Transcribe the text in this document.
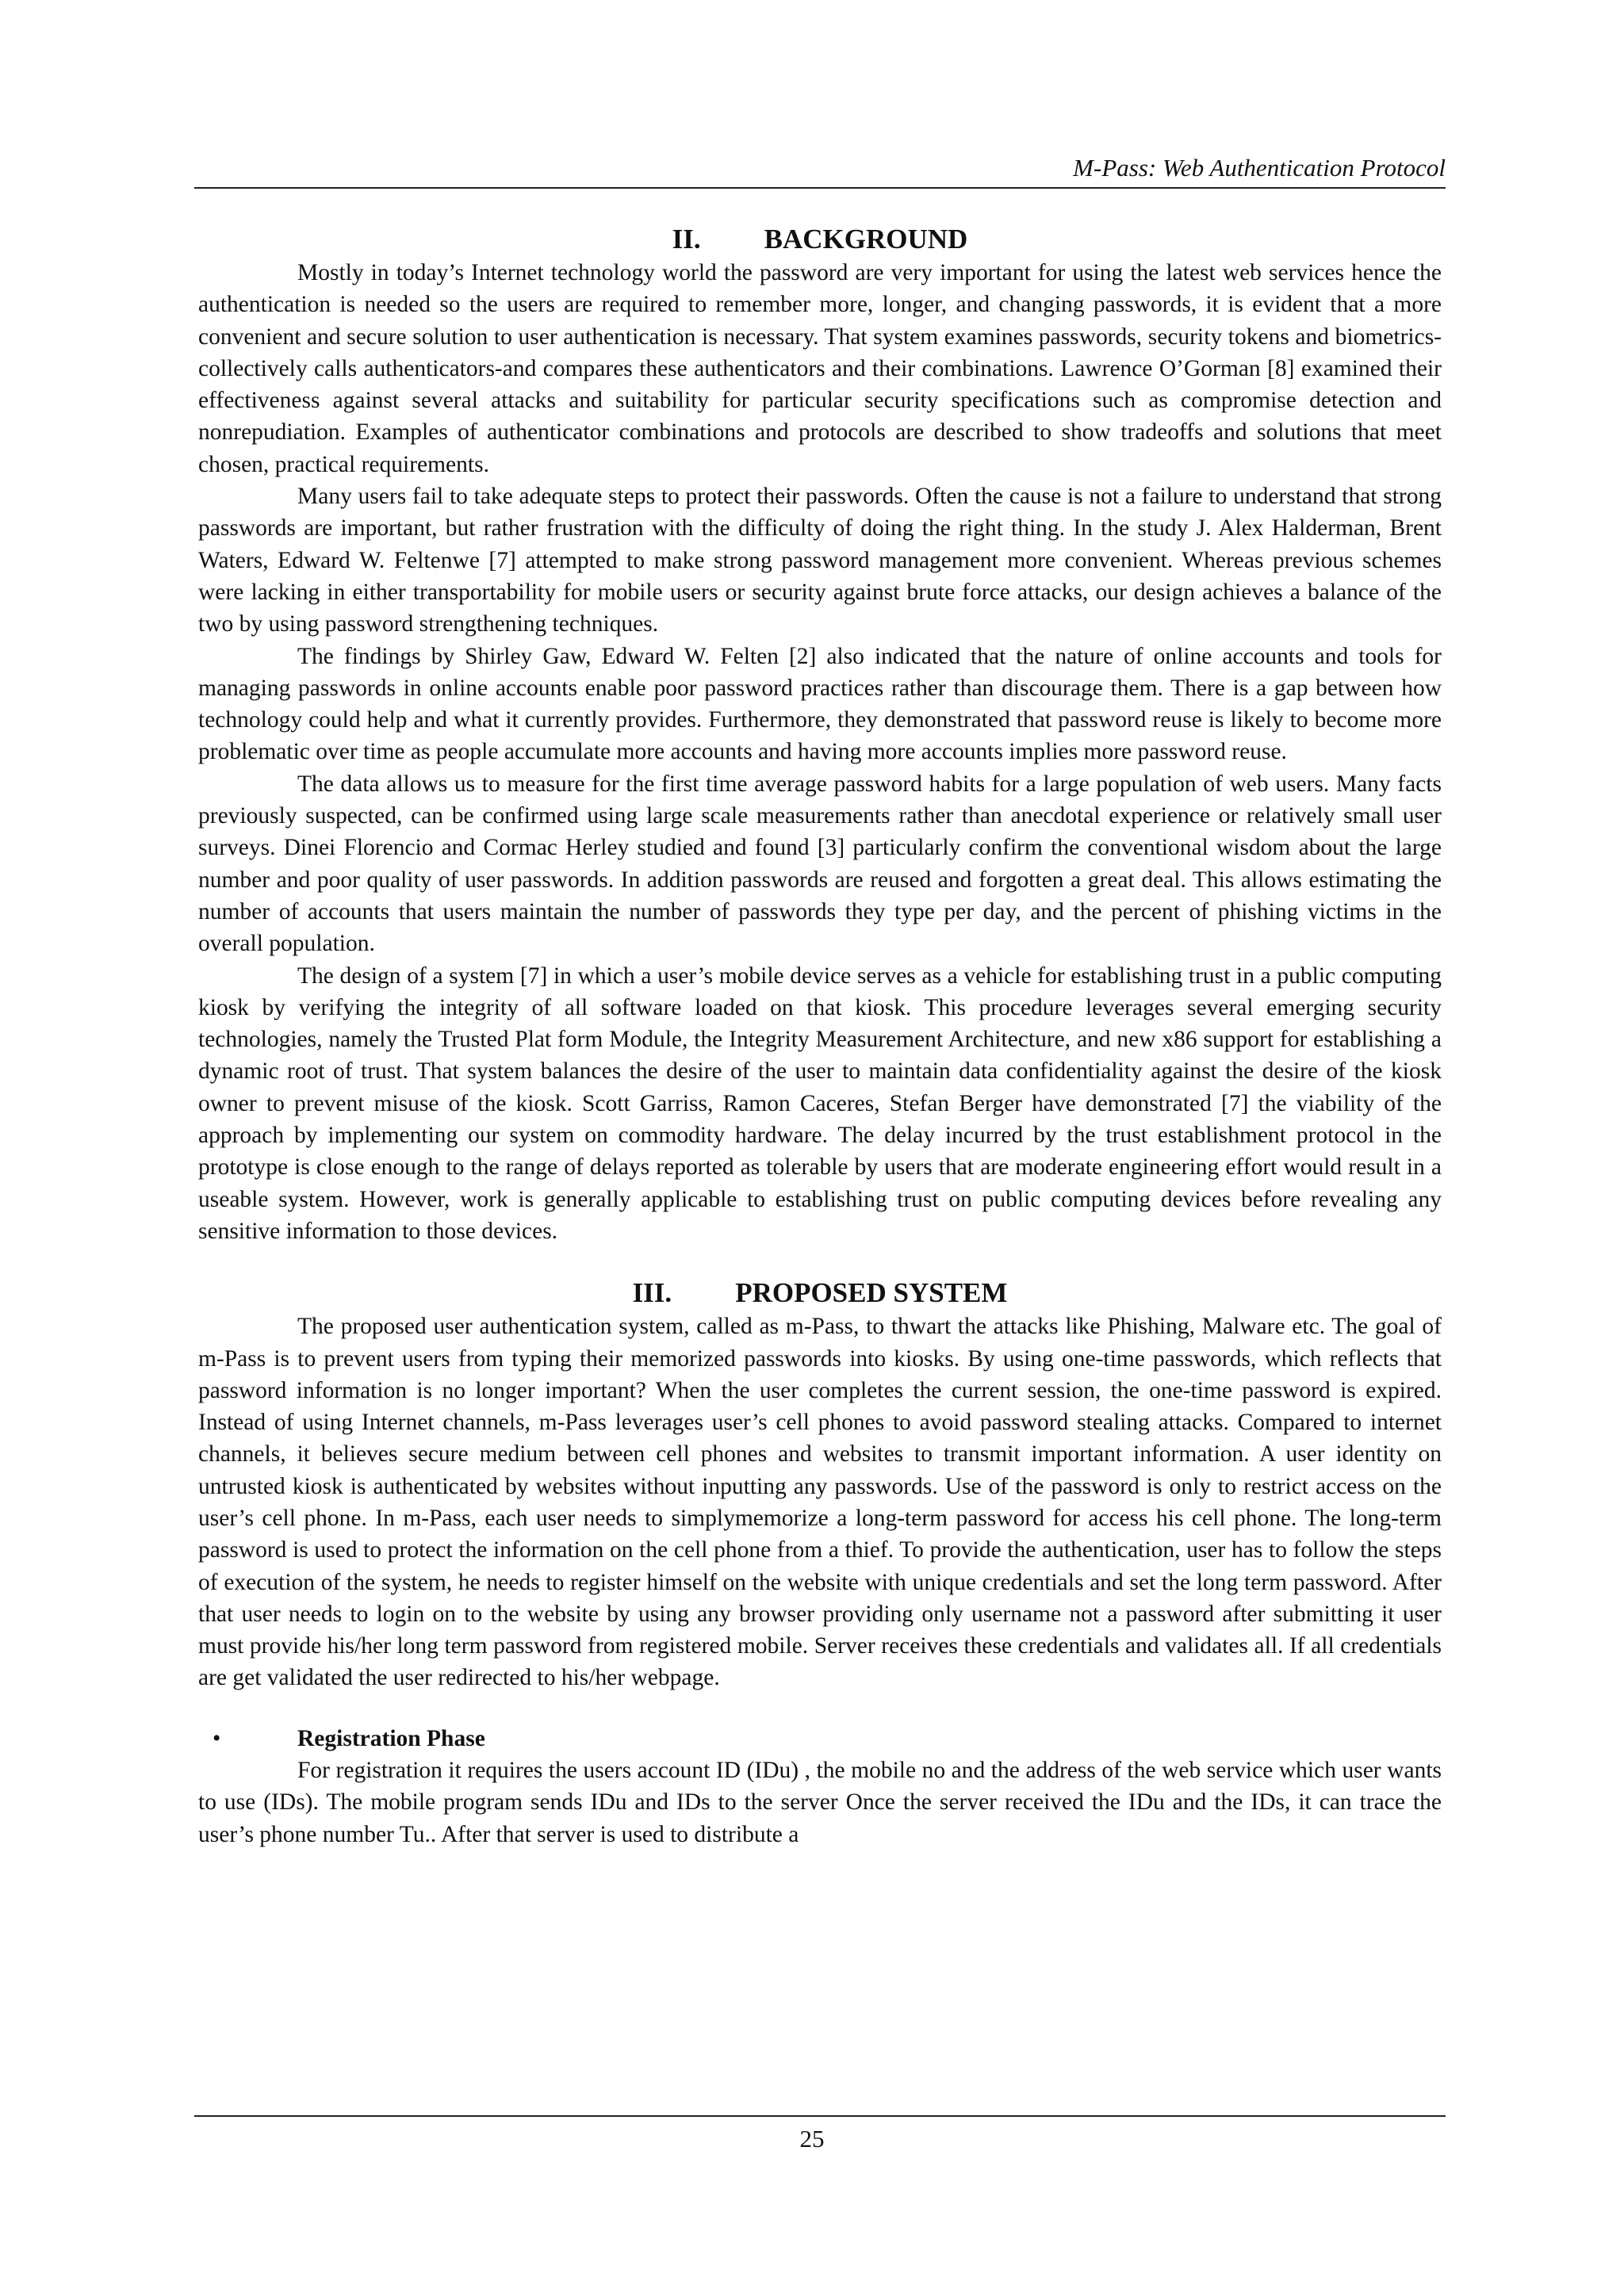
M-Pass: Web Authentication Protocol
II. BACKGROUND

Mostly in today’s Internet technology world the password are very important for using the latest web services hence the authentication is needed so the users are required to remember more, longer, and changing passwords, it is evident that a more convenient and secure solution to user authentication is necessary. That system examines passwords, security tokens and biometrics-collectively calls authenticators-and compares these authenticators and their combinations. Lawrence O’Gorman [8] examined their effectiveness against several attacks and suitability for particular security specifications such as compromise detection and nonrepudiation. Examples of authenticator combinations and protocols are described to show tradeoffs and solutions that meet chosen, practical requirements.

Many users fail to take adequate steps to protect their passwords. Often the cause is not a failure to understand that strong passwords are important, but rather frustration with the difficulty of doing the right thing. In the study J. Alex Halderman, Brent Waters, Edward W. Feltenwe [7] attempted to make strong password management more convenient. Whereas previous schemes were lacking in either transportability for mobile users or security against brute force attacks, our design achieves a balance of the two by using password strengthening techniques.

The findings by Shirley Gaw, Edward W. Felten [2] also indicated that the nature of online accounts and tools for managing passwords in online accounts enable poor password practices rather than discourage them. There is a gap between how technology could help and what it currently provides. Furthermore, they demonstrated that password reuse is likely to become more problematic over time as people accumulate more accounts and having more accounts implies more password reuse.

The data allows us to measure for the first time average password habits for a large population of web users. Many facts previously suspected, can be confirmed using large scale measurements rather than anecdotal experience or relatively small user surveys. Dinei Florencio and Cormac Herley studied and found [3] particularly confirm the conventional wisdom about the large number and poor quality of user passwords. In addition passwords are reused and forgotten a great deal. This allows estimating the number of accounts that users maintain the number of passwords they type per day, and the percent of phishing victims in the overall population.

The design of a system [7] in which a user’s mobile device serves as a vehicle for establishing trust in a public computing kiosk by verifying the integrity of all software loaded on that kiosk. This procedure leverages several emerging security technologies, namely the Trusted Plat form Module, the Integrity Measurement Architecture, and new x86 support for establishing a dynamic root of trust. That system balances the desire of the user to maintain data confidentiality against the desire of the kiosk owner to prevent misuse of the kiosk. Scott Garriss, Ramon Caceres, Stefan Berger have demonstrated [7] the viability of the approach by implementing our system on commodity hardware. The delay incurred by the trust establishment protocol in the prototype is close enough to the range of delays reported as tolerable by users that are moderate engineering effort would result in a useable system. However, work is generally applicable to establishing trust on public computing devices before revealing any sensitive information to those devices.

III. PROPOSED SYSTEM

The proposed user authentication system, called as m-Pass, to thwart the attacks like Phishing, Malware etc. The goal of m-Pass is to prevent users from typing their memorized passwords into kiosks. By using one-time passwords, which reflects that password information is no longer important? When the user completes the current session, the one-time password is expired. Instead of using Internet channels, m-Pass leverages user’s cell phones to avoid password stealing attacks. Compared to internet channels, it believes secure medium between cell phones and websites to transmit important information. A user identity on untrusted kiosk is authenticated by websites without inputting any passwords. Use of the password is only to restrict access on the user’s cell phone. In m-Pass, each user needs to simplymemorize a long-term password for access his cell phone. The long-term password is used to protect the information on the cell phone from a thief. To provide the authentication, user has to follow the steps of execution of the system, he needs to register himself on the website with unique credentials and set the long term password. After that user needs to login on to the website by using any browser providing only username not a password after submitting it user must provide his/her long term password from registered mobile. Server receives these credentials and validates all. If all credentials are get validated the user redirected to his/her webpage.

•	Registration Phase

For registration it requires the users account ID (IDu) , the mobile no and the address of the web service which user wants to use (IDs). The mobile program sends IDu and IDs to the server Once the server received the IDu and the IDs, it can trace the user’s phone number Tu.. After that server is used to distribute a

25
